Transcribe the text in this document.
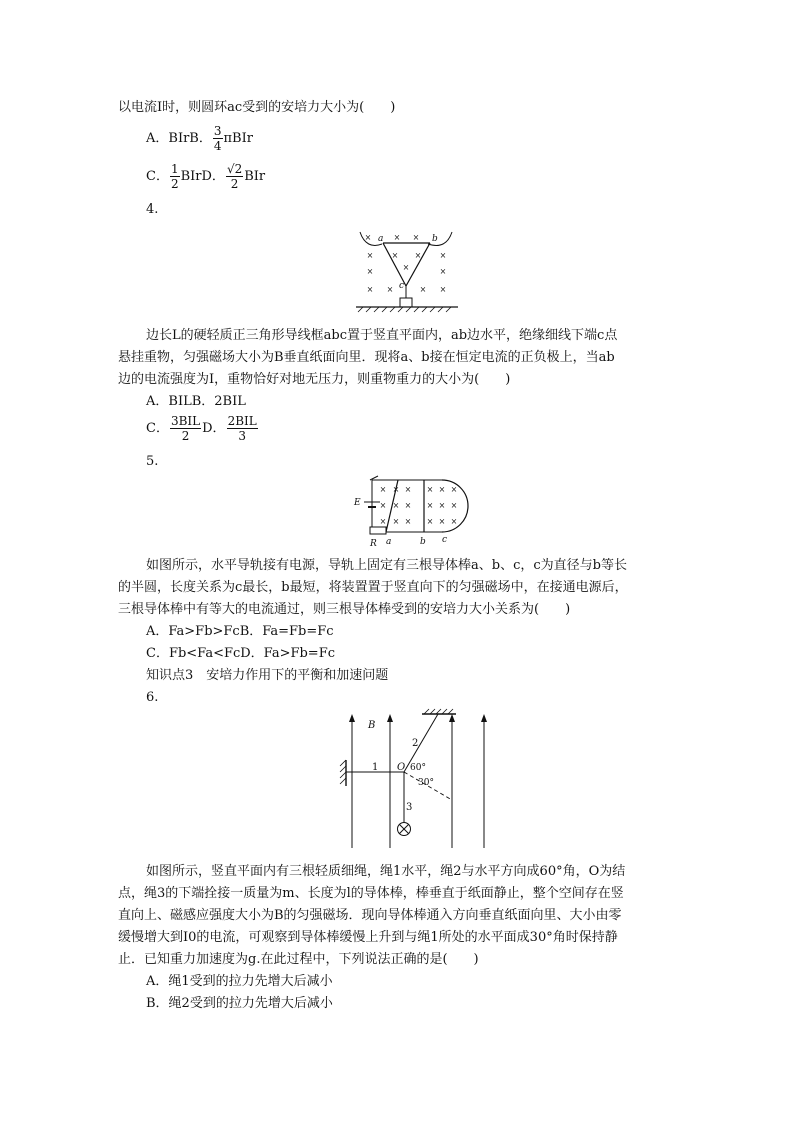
以电流I时，则圆环ac受到的安培力大小为(　　)
A．BIrB． $\frac{3}{4}$ πBIr
C． $\frac{1}{2}$ BIrD． $\frac{√2}{2}$ BIr
4.
×	× ×
× × × ×
×	×	×
× ×	× ×
a	b
c
边长L的硬轻质正三角形导线框abc置于竖直平面内，ab边水平，绝缘细线下端c点
悬挂重物，匀强磁场大小为B垂直纸面向里．现将a、b接在恒定电流的正负极上，当ab
边的电流强度为I，重物恰好对地无压力，则重物重力的大小为(　　)
A．BILB．2BIL
C． $\frac{\text{3BIL}}{2}$ D． $\frac{\text{2BIL}}{3}$
5.
× × × × × ×
× × × × × ×
× × × × × ×
E
R a	b c
如图所示，水平导轨接有电源，导轨上固定有三根导体棒a、b、c，c为直径与b等长
的半圆，长度关系为c最长，b最短，将装置置于竖直向下的匀强磁场中，在接通电源后，
三根导体棒中有等大的电流通过，则三根导体棒受到的安培力大小关系为(　　)
A．Fa>Fb>FcB．Fa=Fb=Fc
C．Fb<Fa<FcD．Fa>Fb=Fc
知识点3　安培力作用下的平衡和加速问题
6.
B
1
2
O 60°
30°
3
如图所示，竖直平面内有三根轻质细绳，绳1水平，绳2与水平方向成60°角，O为结
点，绳3的下端拴接一质量为m、长度为l的导体棒，棒垂直于纸面静止，整个空间存在竖
直向上、磁感应强度大小为B的匀强磁场．现向导体棒通入方向垂直纸面向里、大小由零
缓慢增大到I0的电流，可观察到导体棒缓慢上升到与绳1所处的水平面成30°角时保持静
止．已知重力加速度为g.在此过程中，下列说法正确的是(　　)
A．绳1受到的拉力先增大后减小
B．绳2受到的拉力先增大后减小
